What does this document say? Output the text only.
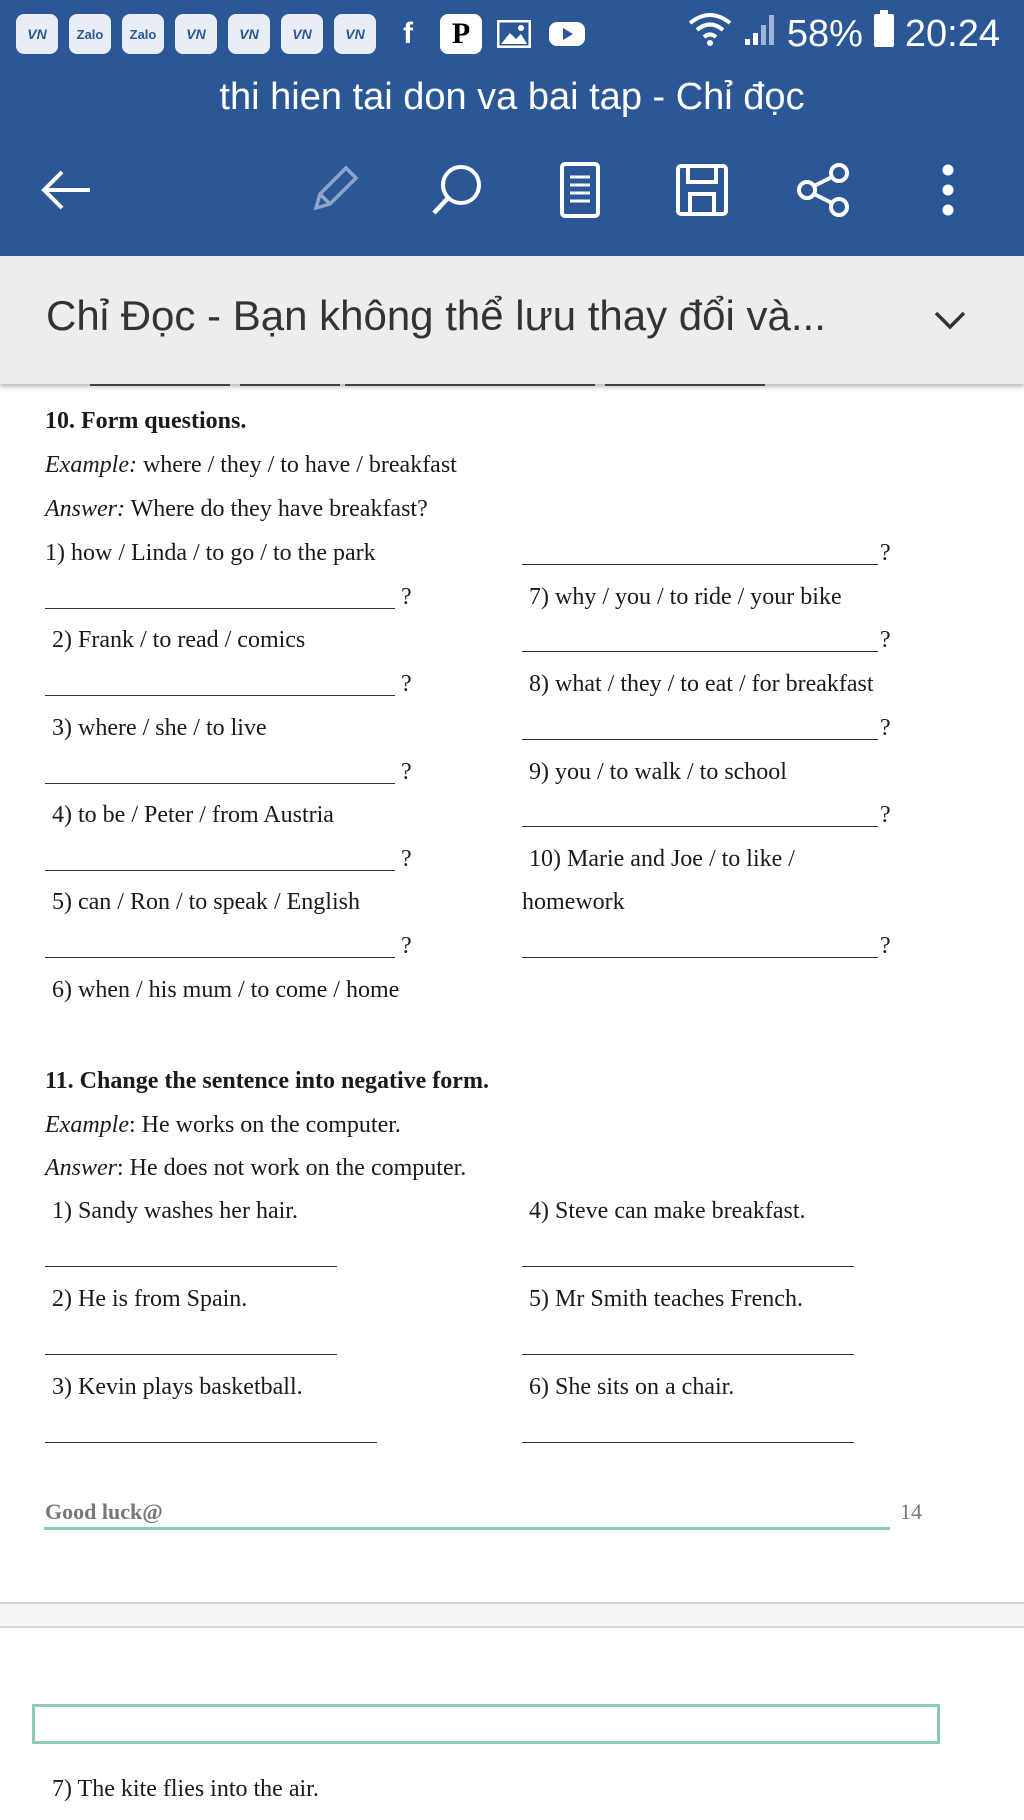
VN	Zalo	Zalo	VN	VN	VN	VN	f	P	58% 20:24
thi hien tai don va bai tap - Chỉ đọc
Chỉ Đọc - Bạn không thể lưu thay đổi và...
10. Form questions.
Example: where / they / to have / breakfast
Answer: Where do they have breakfast?
1) how / Linda / to go / to the park
2) Frank / to read / comics
3) where / she / to live
4) to be / Peter / from Austria
5) can / Ron / to speak / English
6) when / his mum / to come / home
?
?
?
?
?
?
7) why / you / to ride / your bike
?
8) what / they / to eat / for breakfast
?
9) you / to walk / to school
?
10) Marie and Joe / to like /
homework
?
11. Change the sentence into negative form.
Example: He works on the computer.
Answer: He does not work on the computer.
1) Sandy washes her hair.
2) He is from Spain.
3) Kevin plays basketball.
4) Steve can make breakfast.
5) Mr Smith teaches French.
6) She sits on a chair.
Good luck@	14
7) The kite flies into the air.
